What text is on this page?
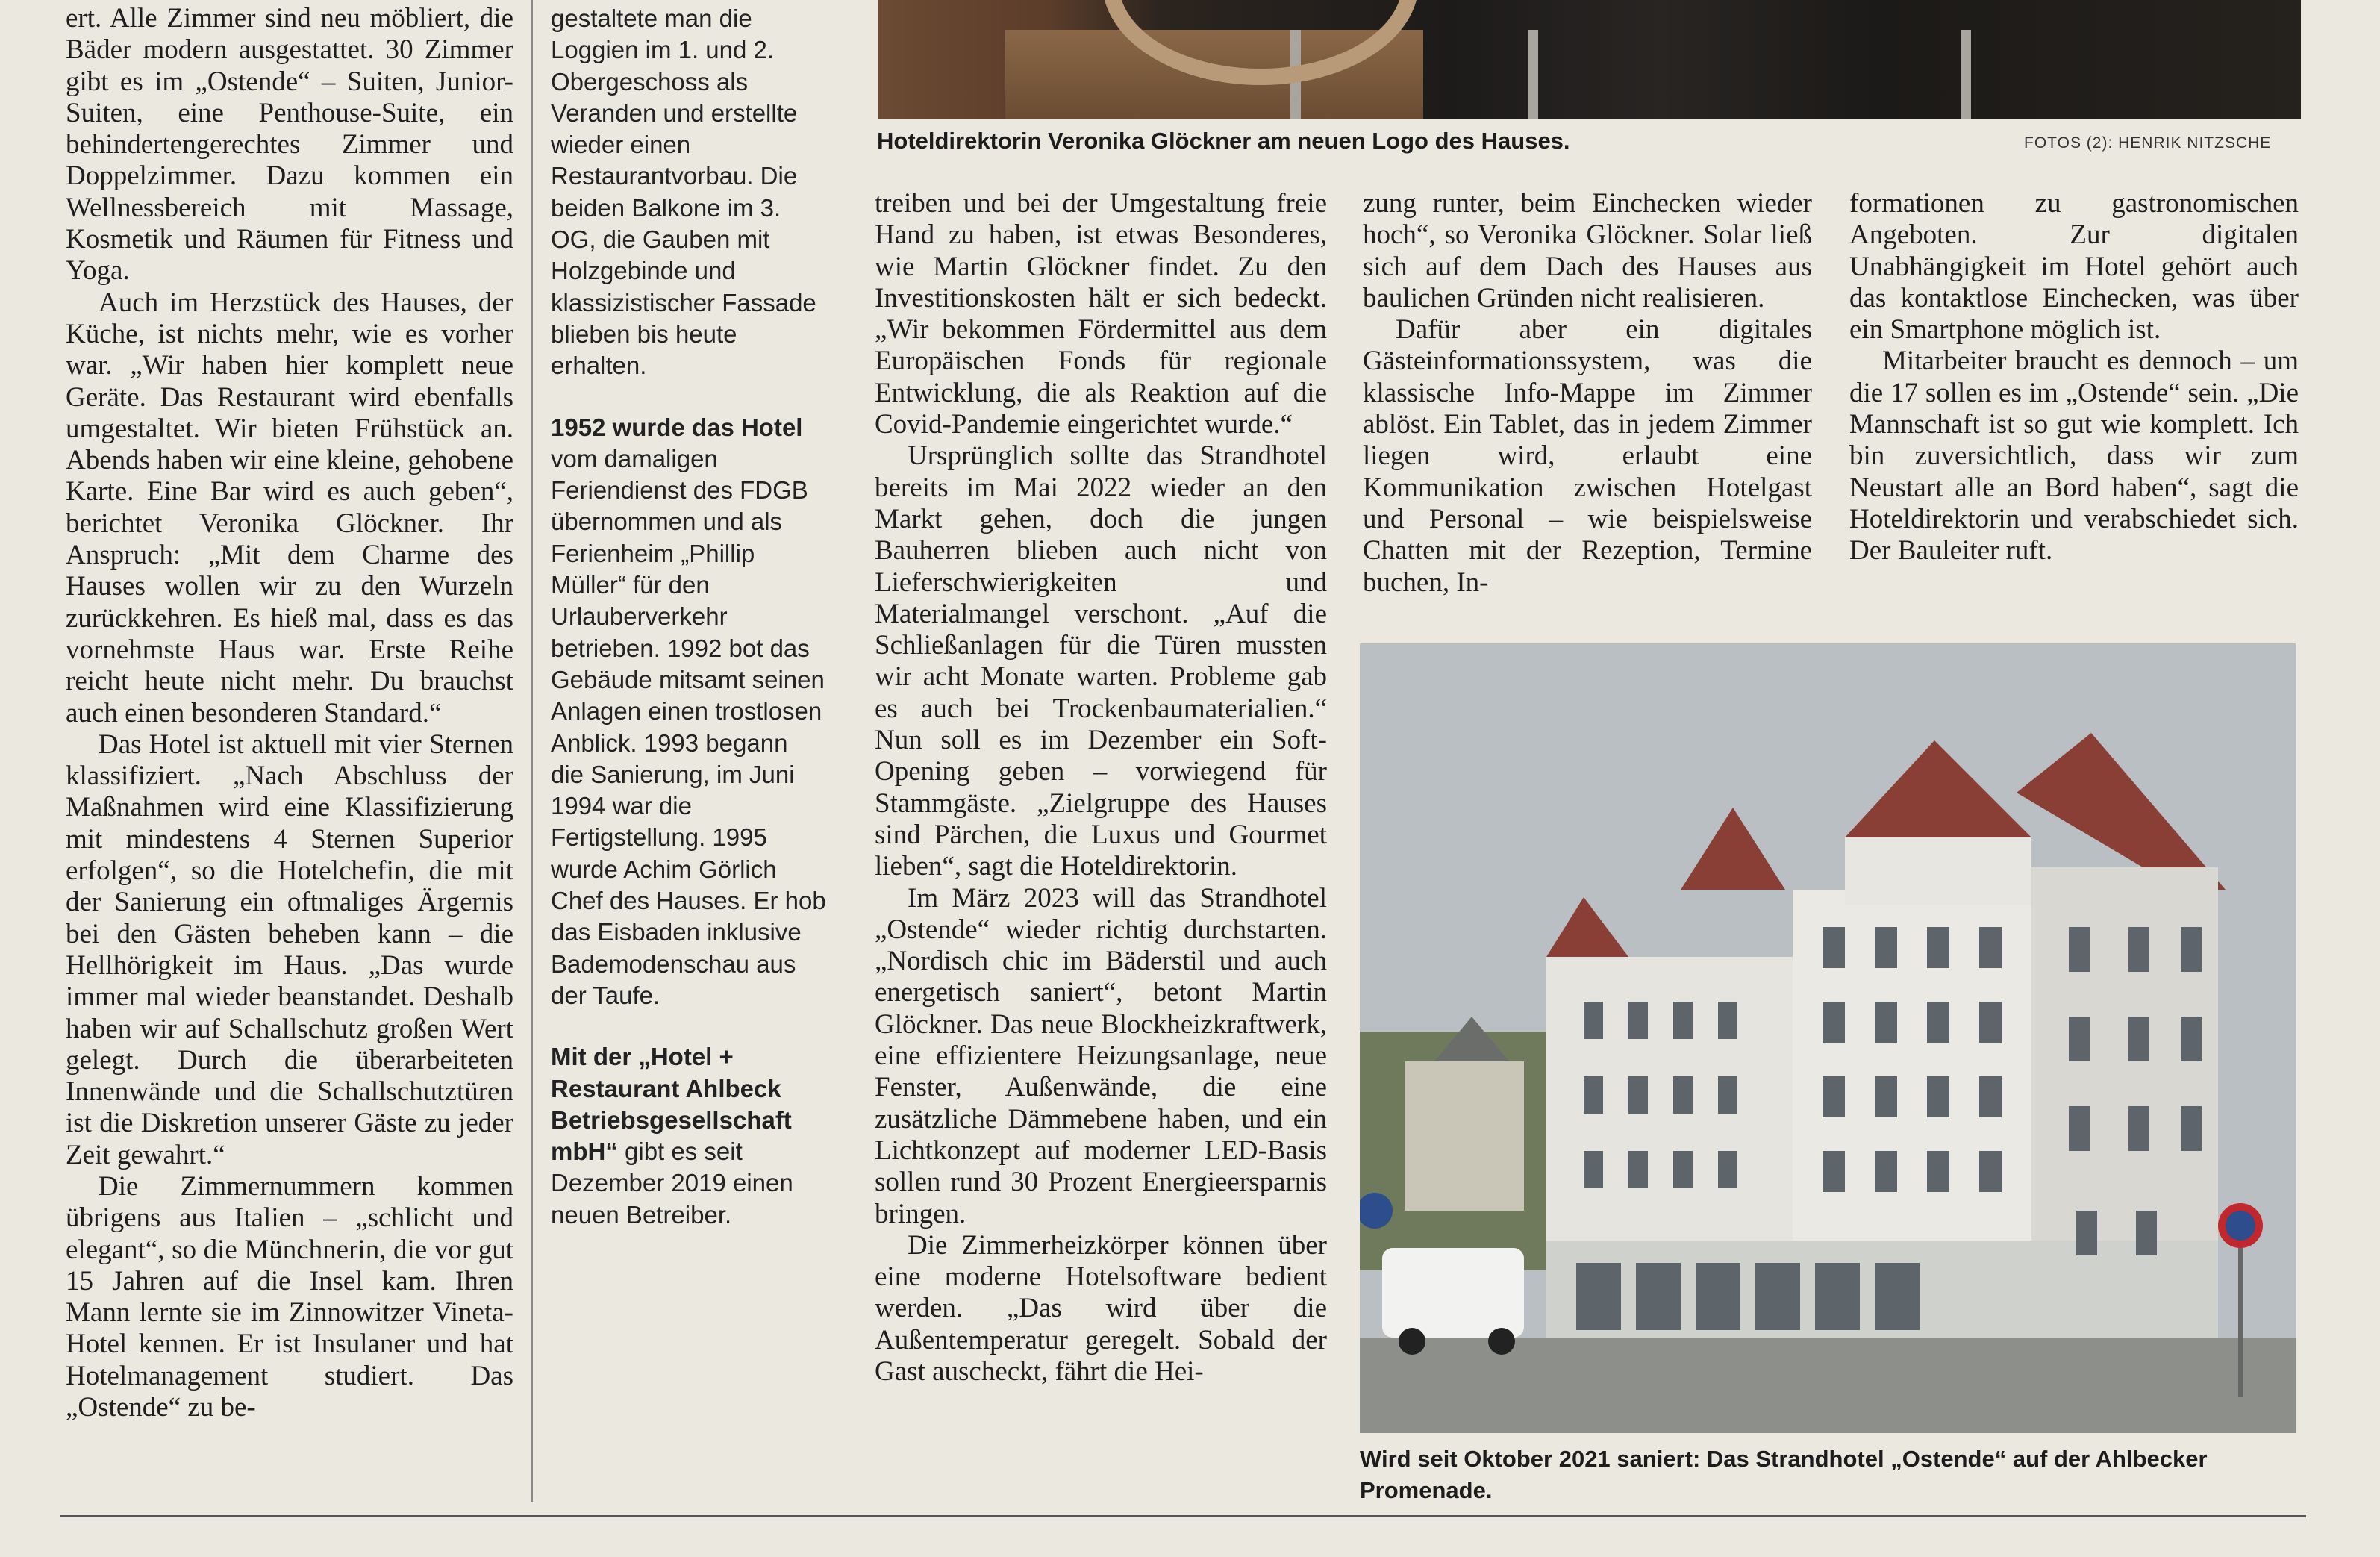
ert. Alle Zimmer sind neu möbliert, die Bäder modern ausgestattet. 30 Zimmer gibt es im „Ostende“ – Suiten, Junior-Suiten, eine Penthouse-Suite, ein behindertengerechtes Zimmer und Doppelzimmer. Dazu kommen ein Wellnessbereich mit Massage, Kosmetik und Räumen für Fitness und Yoga.

Auch im Herzstück des Hauses, der Küche, ist nichts mehr, wie es vorher war. „Wir haben hier komplett neue Geräte. Das Restaurant wird ebenfalls umgestaltet. Wir bieten Frühstück an. Abends haben wir eine kleine, gehobene Karte. Eine Bar wird es auch geben“, berichtet Veronika Glöckner. Ihr Anspruch: „Mit dem Charme des Hauses wollen wir zu den Wurzeln zurückkehren. Es hieß mal, dass es das vornehmste Haus war. Erste Reihe reicht heute nicht mehr. Du brauchst auch einen besonderen Standard.“

Das Hotel ist aktuell mit vier Sternen klassifiziert. „Nach Abschluss der Maßnahmen wird eine Klassifizierung mit mindestens 4 Sternen Superior erfolgen“, so die Hotelchefin, die mit der Sanierung ein oftmaliges Ärgernis bei den Gästen beheben kann – die Hellhörigkeit im Haus. „Das wurde immer mal wieder beanstandet. Deshalb haben wir auf Schallschutz großen Wert gelegt. Durch die überarbeiteten Innenwände und die Schallschutztüren ist die Diskretion unserer Gäste zu jeder Zeit gewahrt.“

Die Zimmernummern kommen übrigens aus Italien – „schlicht und elegant“, so die Münchnerin, die vor gut 15 Jahren auf die Insel kam. Ihren Mann lernte sie im Zinnowitzer Vineta-Hotel kennen. Er ist Insulaner und hat Hotelmanagement studiert. Das „Ostende“ zu be-

gestaltete man die Loggien im 1. und 2. Obergeschoss als Veranden und erstellte wieder einen Restaurantvorbau. Die beiden Balkone im 3. OG, die Gauben mit Holzgebinde und klassizistischer Fassade blieben bis heute erhalten.

1952 wurde das Hotel vom damaligen Feriendienst des FDGB übernommen und als Ferienheim „Phillip Müller“ für den Urlauberverkehr betrieben. 1992 bot das Gebäude mitsamt seinen Anlagen einen trostlosen Anblick. 1993 begann die Sanierung, im Juni 1994 war die Fertigstellung. 1995 wurde Achim Görlich Chef des Hauses. Er hob das Eisbaden inklusive Bademodenschau aus der Taufe.

Mit der „Hotel + Restaurant Ahlbeck Betriebsgesellschaft mbH“ gibt es seit Dezember 2019 einen neuen Betreiber.

Hoteldirektorin Veronika Glöckner am neuen Logo des Hauses.	FOTOS (2): HENRIK NITZSCHE

treiben und bei der Umgestaltung freie Hand zu haben, ist etwas Besonderes, wie Martin Glöckner findet. Zu den Investitionskosten hält er sich bedeckt. „Wir bekommen Fördermittel aus dem Europäischen Fonds für regionale Entwicklung, die als Reaktion auf die Covid-Pandemie eingerichtet wurde.“

Ursprünglich sollte das Strandhotel bereits im Mai 2022 wieder an den Markt gehen, doch die jungen Bauherren blieben auch nicht von Lieferschwierigkeiten und Materialmangel verschont. „Auf die Schließanlagen für die Türen mussten wir acht Monate warten. Probleme gab es auch bei Trockenbaumaterialien.“ Nun soll es im Dezember ein Soft-Opening geben – vorwiegend für Stammgäste. „Zielgruppe des Hauses sind Pärchen, die Luxus und Gourmet lieben“, sagt die Hoteldirektorin.

Im März 2023 will das Strandhotel „Ostende“ wieder richtig durchstarten. „Nordisch chic im Bäderstil und auch energetisch saniert“, betont Martin Glöckner. Das neue Blockheizkraftwerk, eine effizientere Heizungsanlage, neue Fenster, Außenwände, die eine zusätzliche Dämmebene haben, und ein Lichtkonzept auf moderner LED-Basis sollen rund 30 Prozent Energieersparnis bringen.

Die Zimmerheizkörper können über eine moderne Hotelsoftware bedient werden. „Das wird über die Außentemperatur geregelt. Sobald der Gast auscheckt, fährt die Hei-

zung runter, beim Einchecken wieder hoch“, so Veronika Glöckner. Solar ließ sich auf dem Dach des Hauses aus baulichen Gründen nicht realisieren.

Dafür aber ein digitales Gästeinformationssystem, was die klassische Info-Mappe im Zimmer ablöst. Ein Tablet, das in jedem Zimmer liegen wird, erlaubt eine Kommunikation zwischen Hotelgast und Personal – wie beispielsweise Chatten mit der Rezeption, Termine buchen, In-

formationen zu gastronomischen Angeboten. Zur digitalen Unabhängigkeit im Hotel gehört auch das kontaktlose Einchecken, was über ein Smartphone möglich ist.

Mitarbeiter braucht es dennoch – um die 17 sollen es im „Ostende“ sein. „Die Mannschaft ist so gut wie komplett. Ich bin zuversichtlich, dass wir zum Neustart alle an Bord haben“, sagt die Hoteldirektorin und verabschiedet sich. Der Bauleiter ruft.

Wird seit Oktober 2021 saniert: Das Strandhotel „Ostende“ auf der Ahlbecker Promenade.
